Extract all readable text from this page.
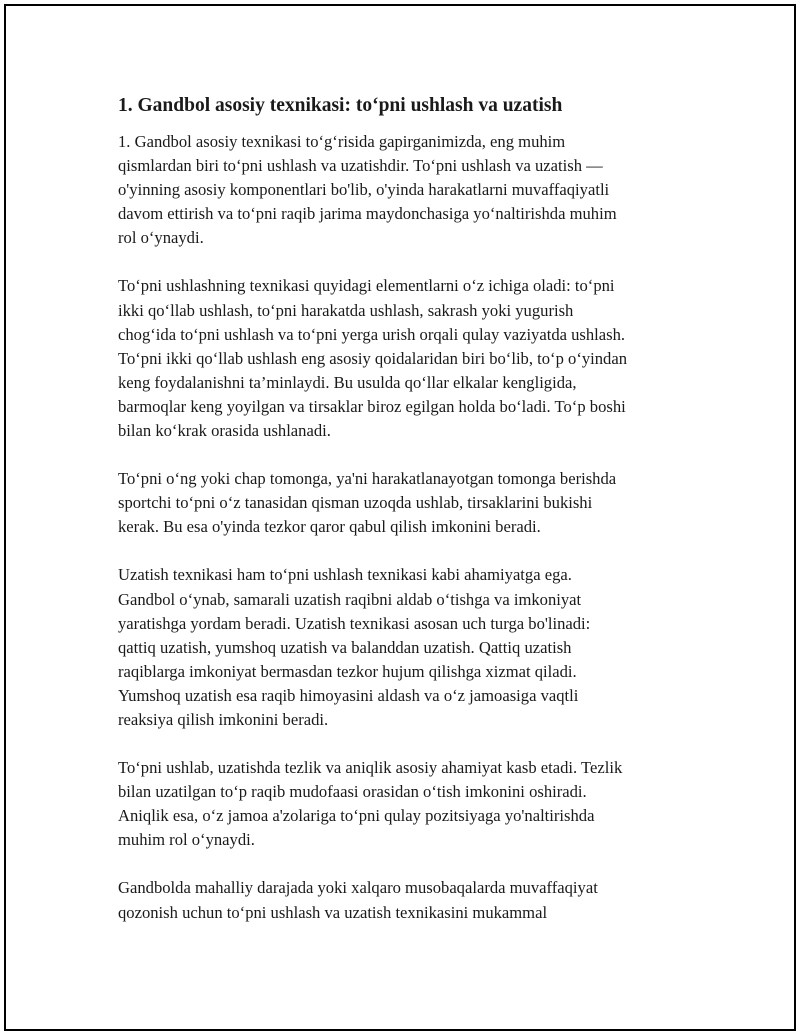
1. Gandbol asosiy texnikasi: to‘pni ushlash va uzatish

1. Gandbol asosiy texnikasi to‘g‘risida gapirganimizda, eng muhim
qismlardan biri to‘pni ushlash va uzatishdir. To‘pni ushlash va uzatish —
o'yinning asosiy komponentlari bo'lib, o'yinda harakatlarni muvaffaqiyatli
davom ettirish va to‘pni raqib jarima maydonchasiga yo‘naltirishda muhim
rol o‘ynaydi.

To‘pni ushlashning texnikasi quyidagi elementlarni o‘z ichiga oladi: to‘pni
ikki qo‘llab ushlash, to‘pni harakatda ushlash, sakrash yoki yugurish
chog‘ida to‘pni ushlash va to‘pni yerga urish orqali qulay vaziyatda ushlash.
To‘pni ikki qo‘llab ushlash eng asosiy qoidalaridan biri bo‘lib, to‘p o‘yindan
keng foydalanishni ta’minlaydi. Bu usulda qo‘llar elkalar kengligida,
barmoqlar keng yoyilgan va tirsaklar biroz egilgan holda bo‘ladi. To‘p boshi
bilan ko‘krak orasida ushlanadi.

To‘pni o‘ng yoki chap tomonga, ya'ni harakatlanayotgan tomonga berishda
sportchi to‘pni o‘z tanasidan qisman uzoqda ushlab, tirsaklarini bukishi
kerak. Bu esa o'yinda tezkor qaror qabul qilish imkonini beradi.

Uzatish texnikasi ham to‘pni ushlash texnikasi kabi ahamiyatga ega.
Gandbol o‘ynab, samarali uzatish raqibni aldab o‘tishga va imkoniyat
yaratishga yordam beradi. Uzatish texnikasi asosan uch turga bo'linadi:
qattiq uzatish, yumshoq uzatish va balanddan uzatish. Qattiq uzatish
raqiblarga imkoniyat bermasdan tezkor hujum qilishga xizmat qiladi.
Yumshoq uzatish esa raqib himoyasini aldash va o‘z jamoasiga vaqtli
reaksiya qilish imkonini beradi.

To‘pni ushlab, uzatishda tezlik va aniqlik asosiy ahamiyat kasb etadi. Tezlik
bilan uzatilgan to‘p raqib mudofaasi orasidan o‘tish imkonini oshiradi.
Aniqlik esa, o‘z jamoa a'zolariga to‘pni qulay pozitsiyaga yo'naltirishda
muhim rol o‘ynaydi.

Gandbolda mahalliy darajada yoki xalqaro musobaqalarda muvaffaqiyat
qozonish uchun to‘pni ushlash va uzatish texnikasini mukammal
